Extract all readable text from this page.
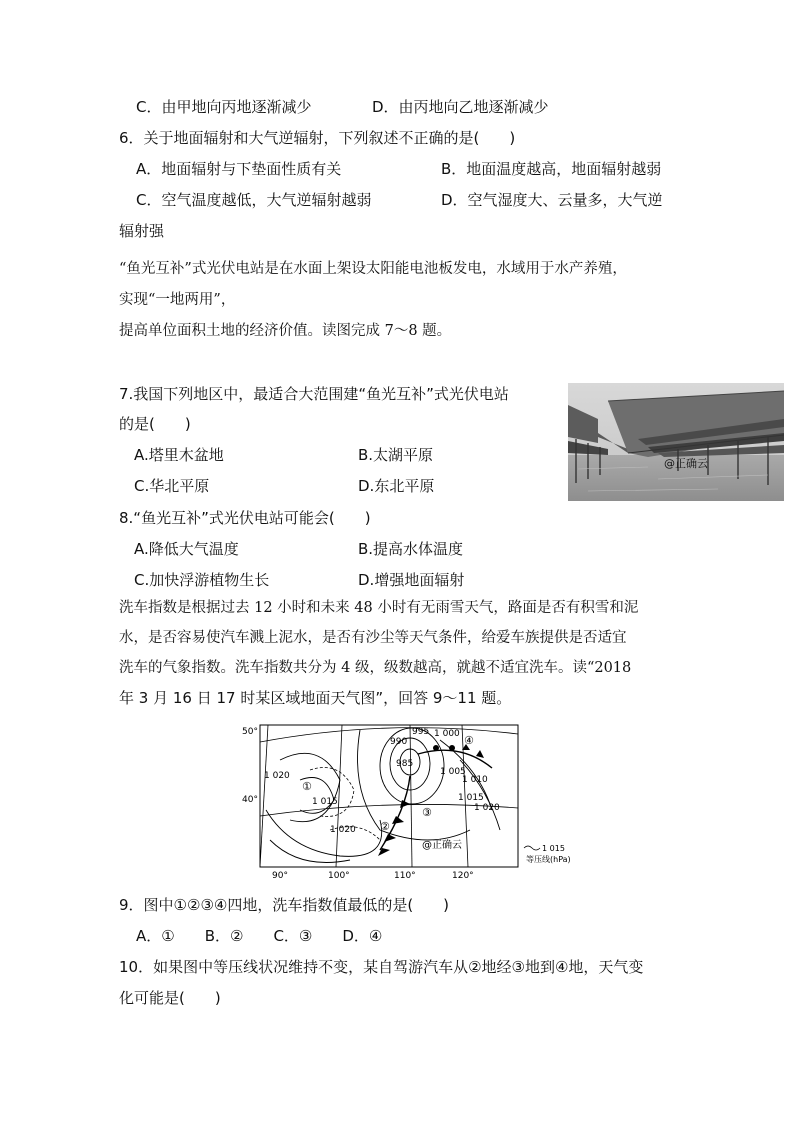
C．由甲地向丙地逐渐减少	D．由丙地向乙地逐渐减少
6．关于地面辐射和大气逆辐射，下列叙述不正确的是(　　)
A．地面辐射与下垫面性质有关	B．地面温度越高，地面辐射越弱
C．空气温度越低，大气逆辐射越弱	D．空气湿度大、云量多，大气逆
辐射强
“鱼光互补”式光伏电站是在水面上架设太阳能电池板发电，水域用于水产养殖，
实现“一地两用”，
提高单位面积土地的经济价值。读图完成 7～8 题。
7.我国下列地区中，最适合大范围建“鱼光互补”式光伏电站
的是(　　)
A.塔里木盆地	B.太湖平原
C.华北平原	D.东北平原
8.“鱼光互补”式光伏电站可能会(　　)
A.降低大气温度	B.提高水体温度
C.加快浮游植物生长	D.增强地面辐射
洗车指数是根据过去 12 小时和未来 48 小时有无雨雪天气，路面是否有积雪和泥
水，是否容易使汽车溅上泥水，是否有沙尘等天气条件，给爱车族提供是否适宜
洗车的气象指数。洗车指数共分为 4 级，级数越高，就越不适宜洗车。读“2018
年 3 月 16 日 17 时某区域地面天气图”，回答 9～11 题。
9．图中①②③④四地，洗车指数值最低的是(　　)
A．①　　B．②　　C．③　　D．④
10．如果图中等压线状况维持不变，某自驾游汽车从②地经③地到④地，天气变
化可能是(　　)
@正确云
50°
40°
90°	100°	110°	120°
995 1 000
990
985
1 020
1 015
1 020
1 005
1 010
1 015
1 020
@正确云
①
②
③
④
1 015
等压线(hPa)
